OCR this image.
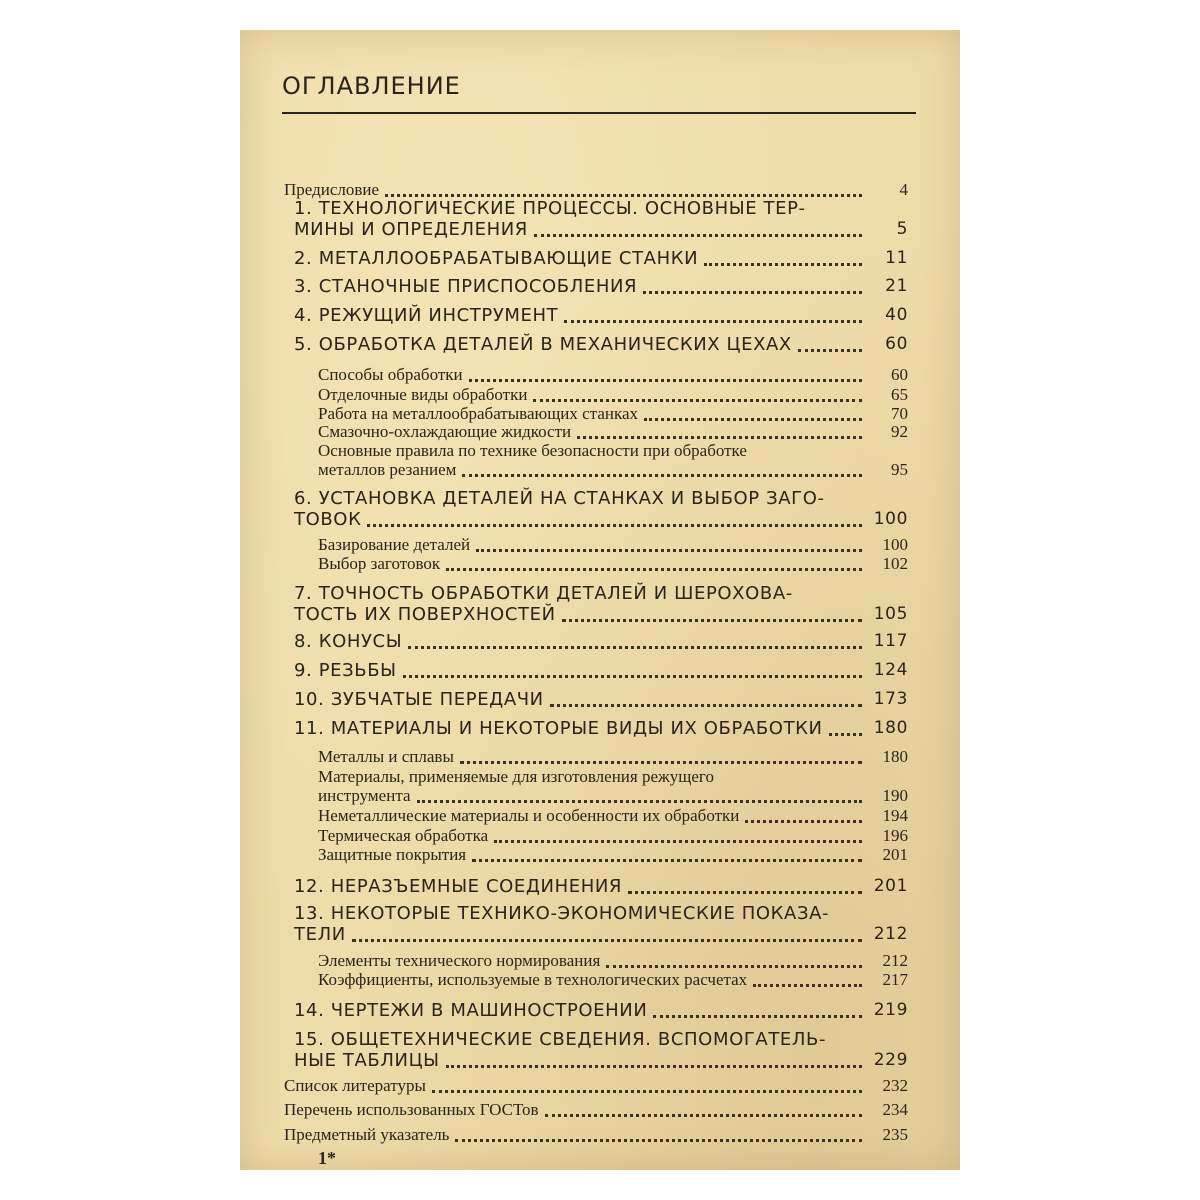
ОГЛАВЛЕНИЕ
Предисловие	4
1. ТЕХНОЛОГИЧЕСКИЕ ПРОЦЕССЫ. ОСНОВНЫЕ ТЕР-
МИНЫ И ОПРЕДЕЛЕНИЯ	5
2. МЕТАЛЛООБРАБАТЫВАЮЩИЕ СТАНКИ	11
3. СТАНОЧНЫЕ ПРИСПОСОБЛЕНИЯ	21
4. РЕЖУЩИЙ ИНСТРУМЕНТ	40
5. ОБРАБОТКА ДЕТАЛЕЙ В МЕХАНИЧЕСКИХ ЦЕХАХ	60
Способы обработки	60
Отделочные виды обработки	65
Работа на металлообрабатывающих станках	70
Смазочно-охлаждающие жидкости	92
Основные правила по технике безопасности при обработке
металлов резанием	95
6. УСТАНОВКА ДЕТАЛЕЙ НА СТАНКАХ И ВЫБОР ЗАГО-
ТОВОК	100
Базирование деталей	100
Выбор заготовок	102
7. ТОЧНОСТЬ ОБРАБОТКИ ДЕТАЛЕЙ И ШЕРОХОВА-
ТОСТЬ ИХ ПОВЕРХНОСТЕЙ	105
8. КОНУСЫ	117
9. РЕЗЬБЫ	124
10. ЗУБЧАТЫЕ ПЕРЕДАЧИ	173
11. МАТЕРИАЛЫ И НЕКОТОРЫЕ ВИДЫ ИХ ОБРАБОТКИ	180
Металлы и сплавы	180
Материалы, применяемые для изготовления режущего
инструмента	190
Неметаллические материалы и особенности их обработки	194
Термическая обработка	196
Защитные покрытия	201
12. НЕРАЗЪЕМНЫЕ СОЕДИНЕНИЯ	201
13. НЕКОТОРЫЕ ТЕХНИКО-ЭКОНОМИЧЕСКИЕ ПОКАЗА-
ТЕЛИ	212
Элементы технического нормирования	212
Коэффициенты, используемые в технологических расчетах	217
14. ЧЕРТЕЖИ В МАШИНОСТРОЕНИИ	219
15. ОБЩЕТЕХНИЧЕСКИЕ СВЕДЕНИЯ. ВСПОМОГАТЕЛЬ-
НЫЕ ТАБЛИЦЫ	229
Список литературы	232
Перечень использованных ГОСТов	234
Предметный указатель	235
1*
